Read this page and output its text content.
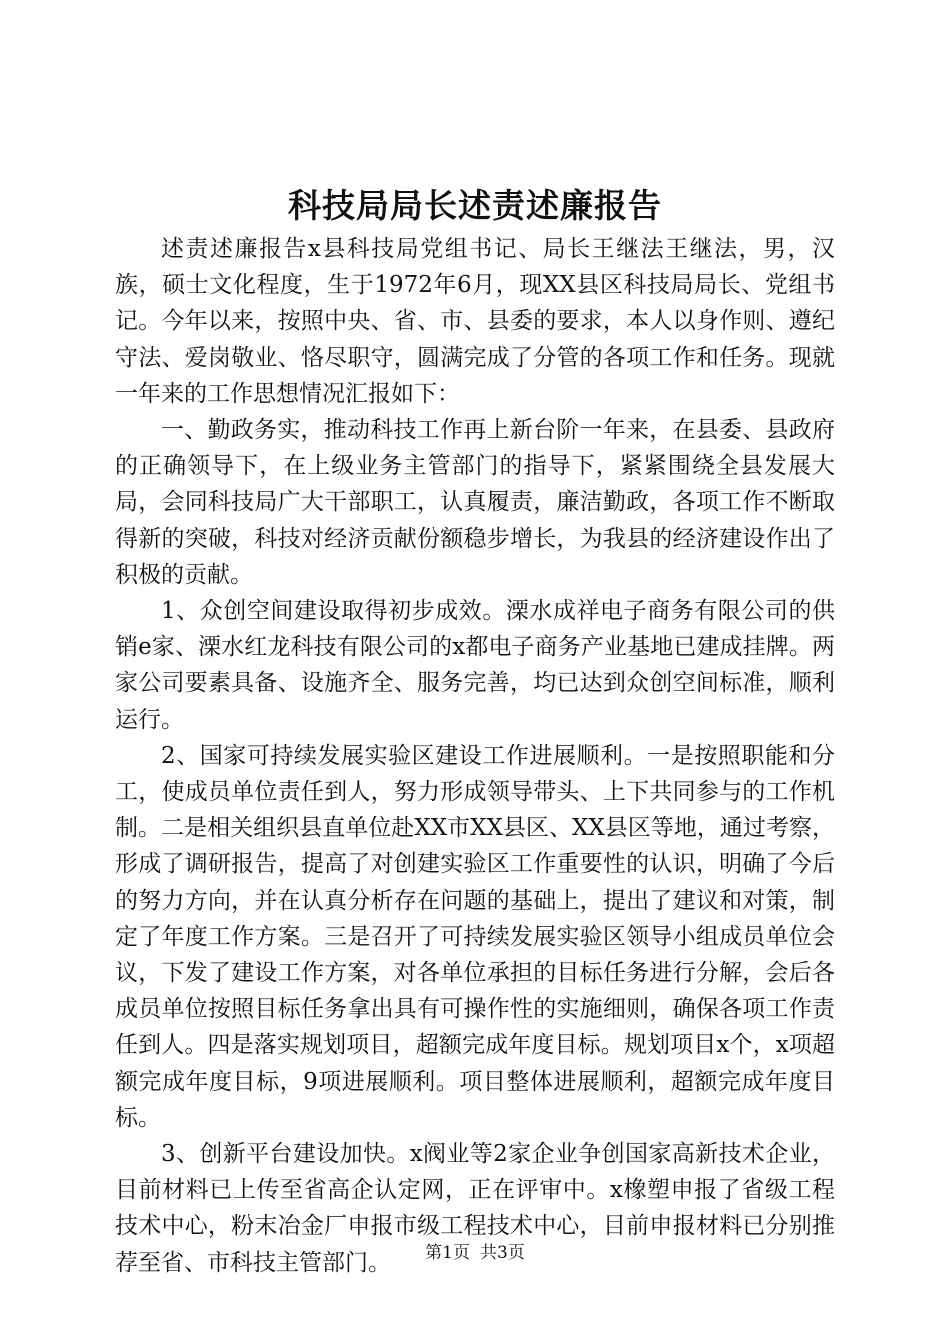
科技局局长述责述廉报告

述责述廉报告x县科技局党组书记、局长王继法王继法，男，汉族，硕士文化程度，生于1972年6月，现XX县区科技局局长、党组书记。今年以来，按照中央、省、市、县委的要求，本人以身作则、遵纪守法、爱岗敬业、恪尽职守，圆满完成了分管的各项工作和任务。现就一年来的工作思想情况汇报如下：

一、勤政务实，推动科技工作再上新台阶一年来，在县委、县政府的正确领导下，在上级业务主管部门的指导下，紧紧围绕全县发展大局，会同科技局广大干部职工，认真履责，廉洁勤政，各项工作不断取得新的突破，科技对经济贡献份额稳步增长，为我县的经济建设作出了积极的贡献。

1、众创空间建设取得初步成效。溧水成祥电子商务有限公司的供销e家、溧水红龙科技有限公司的x都电子商务产业基地已建成挂牌。两家公司要素具备、设施齐全、服务完善，均已达到众创空间标准，顺利运行。

2、国家可持续发展实验区建设工作进展顺利。一是按照职能和分工，使成员单位责任到人，努力形成领导带头、上下共同参与的工作机制。二是相关组织县直单位赴XX市XX县区、XX县区等地，通过考察，形成了调研报告，提高了对创建实验区工作重要性的认识，明确了今后的努力方向，并在认真分析存在问题的基础上，提出了建议和对策，制定了年度工作方案。三是召开了可持续发展实验区领导小组成员单位会议，下发了建设工作方案，对各单位承担的目标任务进行分解，会后各成员单位按照目标任务拿出具有可操作性的实施细则，确保各项工作责任到人。四是落实规划项目，超额完成年度目标。规划项目x个，x项超额完成年度目标，9项进展顺利。项目整体进展顺利，超额完成年度目标。

3、创新平台建设加快。x阀业等2家企业争创国家高新技术企业，目前材料已上传至省高企认定网，正在评审中。x橡塑申报了省级工程技术中心，粉末冶金厂申报市级工程技术中心，目前申报材料已分别推荐至省、市科技主管部门。	第1页 共3页
